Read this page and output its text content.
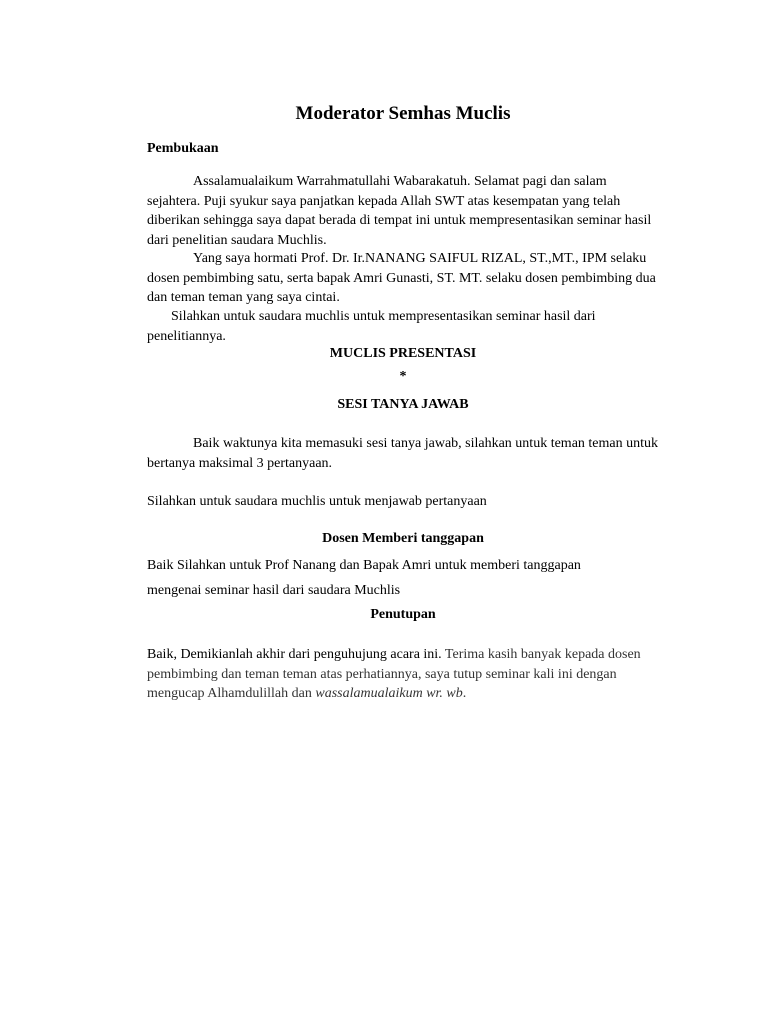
Moderator Semhas Muclis
Pembukaan
Assalamualaikum Warrahmatullahi Wabarakatuh. Selamat pagi dan salam sejahtera. Puji syukur saya panjatkan kepada Allah SWT atas kesempatan yang telah diberikan sehingga saya dapat berada di tempat ini untuk mempresentasikan seminar hasil dari penelitian saudara Muchlis.
Yang saya hormati Prof. Dr. Ir.NANANG SAIFUL RIZAL, ST.,MT., IPM selaku dosen pembimbing satu, serta bapak Amri Gunasti, ST. MT. selaku dosen pembimbing dua dan teman teman yang saya cintai.
Silahkan untuk saudara muchlis untuk mempresentasikan seminar hasil dari penelitiannya.
MUCLIS PRESENTASI
*
SESI TANYA JAWAB
Baik waktunya kita memasuki sesi tanya jawab, silahkan untuk teman teman untuk bertanya maksimal 3 pertanyaan.
Silahkan untuk saudara muchlis untuk menjawab pertanyaan
Dosen Memberi tanggapan
Baik Silahkan untuk Prof Nanang dan Bapak Amri untuk memberi tanggapan
mengenai seminar hasil dari saudara Muchlis
Penutupan
Baik, Demikianlah akhir dari penguhujung acara ini. Terima kasih banyak kepada dosen pembimbing dan teman teman atas perhatiannya, saya tutup seminar kali ini dengan mengucap Alhamdulillah dan wassalamualaikum wr. wb.
